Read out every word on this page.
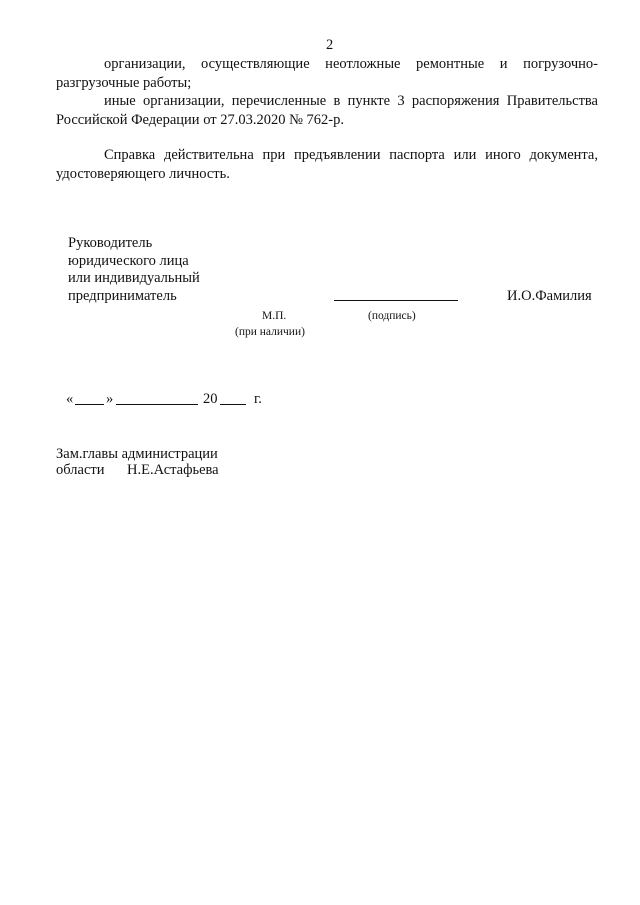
2
организации, осуществляющие неотложные ремонтные и погрузочно-
разгрузочные работы;
иные организации, перечисленные в пункте 3 распоряжения Правительства
Российской Федерации от 27.03.2020 № 762-р.
Справка действительна при предъявлении паспорта или иного документа,
удостоверяющего личность.
Руководитель
юридического лица
или индивидуальный
предприниматель	И.О.Фамилия
М.П.	(подпись)
(при наличии)
« »	20	г.
Зам.главы администрации
области Н.Е.Астафьева
